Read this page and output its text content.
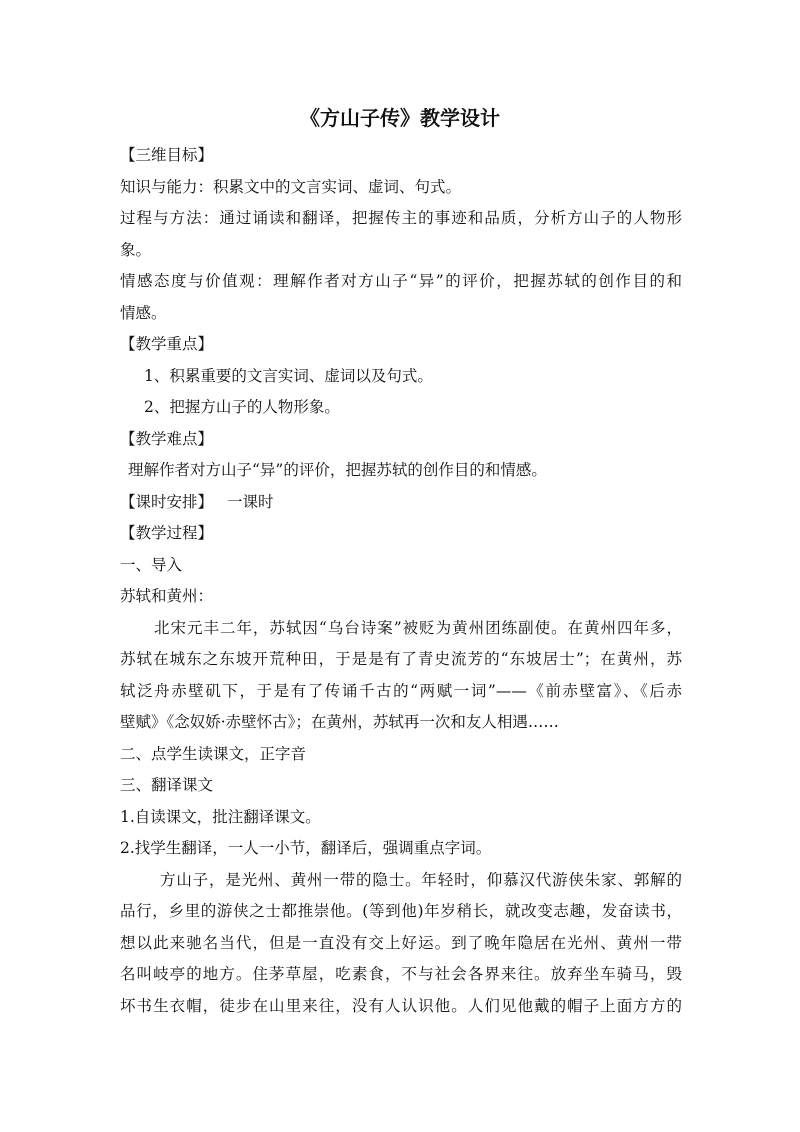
《方山子传》教学设计
【三维目标】
知识与能力：积累文中的文言实词、虚词、句式。
过程与方法：通过诵读和翻译，把握传主的事迹和品质，分析方山子的人物形
象。
情感态度与价值观：理解作者对方山子“异”的评价，把握苏轼的创作目的和
情感。
【教学重点】
1、积累重要的文言实词、虚词以及句式。
2、把握方山子的人物形象。
【教学难点】
理解作者对方山子“异”的评价，把握苏轼的创作目的和情感。
【课时安排】 一课时
【教学过程】
一、导入
苏轼和黄州：
北宋元丰二年，苏轼因“乌台诗案”被贬为黄州团练副使。在黄州四年多，
苏轼在城东之东坡开荒种田，于是是有了青史流芳的“东坡居士”；在黄州，苏
轼泛舟赤壁矶下，于是有了传诵千古的“两赋一词”——《前赤壁富》、《后赤
壁赋》《念奴娇·赤壁怀古》；在黄州，苏轼再一次和友人相遇……
二、点学生读课文，正字音
三、翻译课文
1.自读课文，批注翻译课文。
2.找学生翻译，一人一小节，翻译后，强调重点字词。
方山子，是光州、黄州一带的隐士。年轻时，仰慕汉代游侠朱家、郭解的
品行，乡里的游侠之士都推崇他。(等到他)年岁稍长，就改变志趣，发奋读书，
想以此来驰名当代，但是一直没有交上好运。到了晚年隐居在光州、黄州一带
名叫岐亭的地方。住茅草屋，吃素食，不与社会各界来往。放弃坐车骑马，毁
坏书生衣帽，徒步在山里来往，没有人认识他。人们见他戴的帽子上面方方的
